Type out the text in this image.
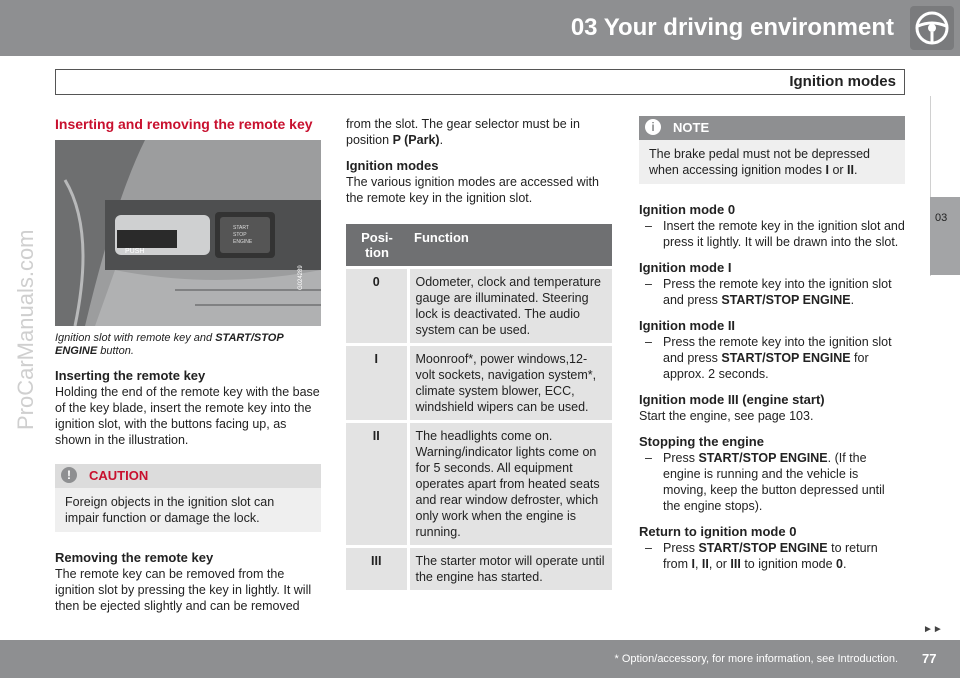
03 Your driving environment
Ignition modes
03
ProCarManuals.com
Inserting and removing the remote key
PUSH
START
STOP
ENGINE
G024289
Ignition slot with remote key and START/STOP ENGINE button.
Inserting the remote key

Holding the end of the remote key with the base of the key blade, insert the remote key into the ignition slot, with the buttons facing up, as shown in the illustration.

!	CAUTION
Foreign objects in the ignition slot can impair function or damage the lock.
Removing the remote key

The remote key can be removed from the ignition slot by pressing the key in lightly. It will then be ejected slightly and can be removed

from the slot. The gear selector must be in position P (Park).

Ignition modes

The various ignition modes are accessed with the remote key in the ignition slot.

Posi-tion	Function
0	Odometer, clock and temperature gauge are illuminated. Steering lock is deactivated. The audio system can be used.
I	Moonroof*, power windows,12-volt sockets, navigation system*, climate system blower, ECC, windshield wipers can be used.
II	The headlights come on. Warning/indicator lights come on for 5 seconds. All equipment operates apart from heated seats and rear window defroster, which only work when the engine is running.
III	The starter motor will operate until the engine has started.
i	NOTE
The brake pedal must not be depressed when accessing ignition modes I or II.
Ignition mode 0

– Insert the remote key in the ignition slot and press it lightly. It will be drawn into the slot.

Ignition mode I

– Press the remote key into the ignition slot and press START/STOP ENGINE.

Ignition mode II

– Press the remote key into the ignition slot and press START/STOP ENGINE for approx. 2 seconds.

Ignition mode III (engine start)

Start the engine, see page 103.

Stopping the engine

– Press START/STOP ENGINE. (If the engine is running and the vehicle is moving, keep the button depressed until the engine stops).

Return to ignition mode 0

– Press START/STOP ENGINE to return from I, II, or III to ignition mode 0.

►►
* Option/accessory, for more information, see Introduction. 77
